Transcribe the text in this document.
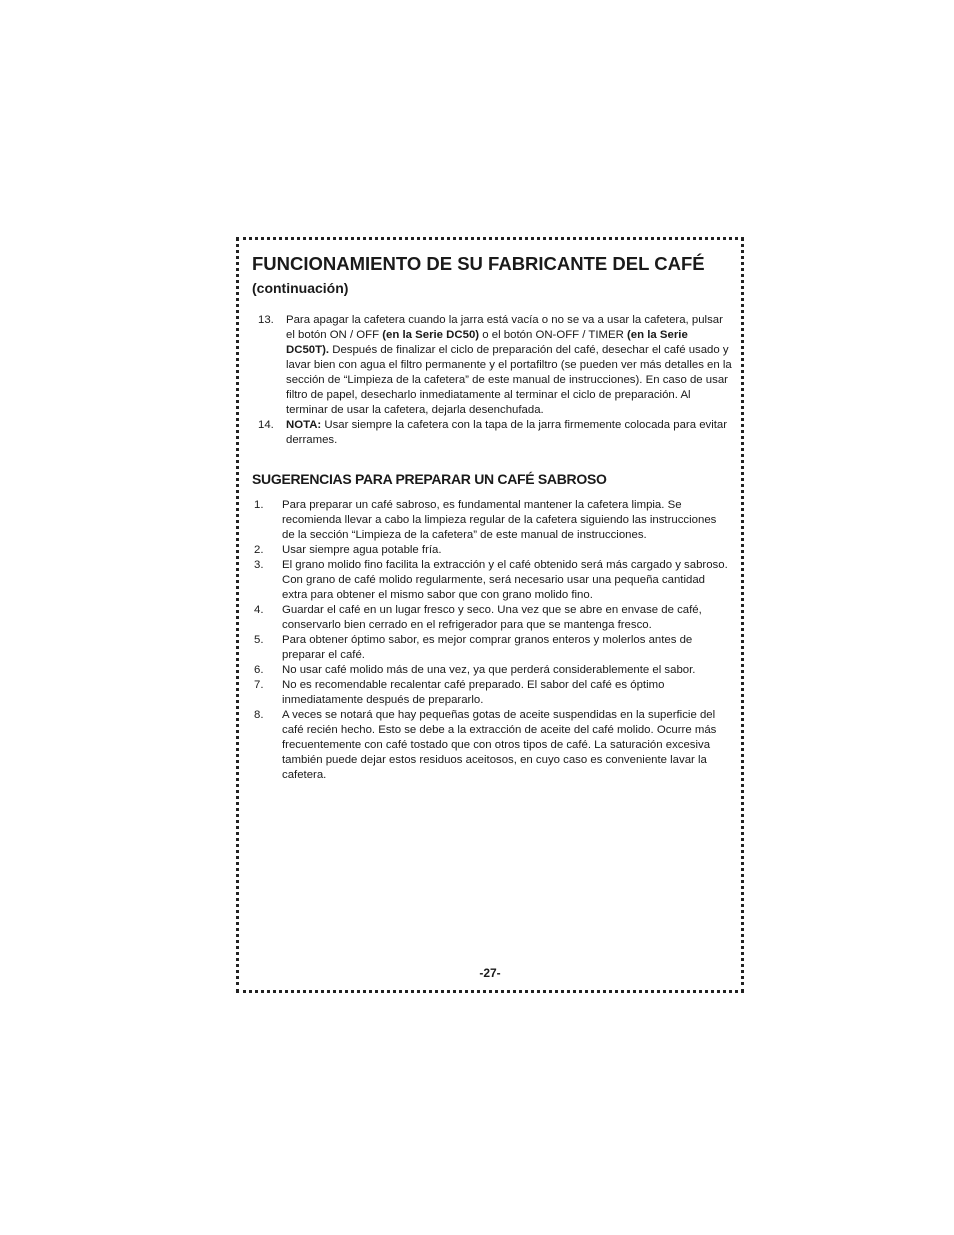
FUNCIONAMIENTO DE SU FABRICANTE DEL CAFÉ
(continuación)
13. Para apagar la cafetera cuando la jarra está vacía o no se va a usar la cafetera, pulsar el botón ON / OFF (en la Serie DC50) o el botón ON-OFF / TIMER (en la Serie DC50T). Después de finalizar el ciclo de preparación del café, desechar el café usado y lavar bien con agua el filtro permanente y el portafiltro (se pueden ver más detalles en la sección de “Limpieza de la cafetera” de este manual de instrucciones). En caso de usar filtro de papel, desecharlo inmediatamente al terminar el ciclo de preparación. Al terminar de usar la cafetera, dejarla desenchufada.
14. NOTA: Usar siempre la cafetera con la tapa de la jarra firmemente colocada para evitar derrames.
SUGERENCIAS PARA PREPARAR UN CAFÉ SABROSO
1. Para preparar un café sabroso, es fundamental mantener la cafetera limpia. Se recomienda llevar a cabo la limpieza regular de la cafetera siguiendo las instrucciones de la sección “Limpieza de la cafetera” de este manual de instrucciones.
2. Usar siempre agua potable fría.
3. El grano molido fino facilita la extracción y el café obtenido será más cargado y sabroso. Con grano de café molido regularmente, será necesario usar una pequeña cantidad extra para obtener el mismo sabor que con grano molido fino.
4. Guardar el café en un lugar fresco y seco. Una vez que se abre en envase de café, conservarlo bien cerrado en el refrigerador para que se mantenga fresco.
5. Para obtener óptimo sabor, es mejor comprar granos enteros y molerlos antes de preparar el café.
6. No usar café molido más de una vez, ya que perderá considerablemente el sabor.
7. No es recomendable recalentar café preparado. El sabor del café es óptimo inmediatamente después de prepararlo.
8. A veces se notará que hay pequeñas gotas de aceite suspendidas en la superficie del café recién hecho. Esto se debe a la extracción de aceite del café molido. Ocurre más frecuentemente con café tostado que con otros tipos de café. La saturación excesiva también puede dejar estos residuos aceitosos, en cuyo caso es conveniente lavar la cafetera.
-27-
